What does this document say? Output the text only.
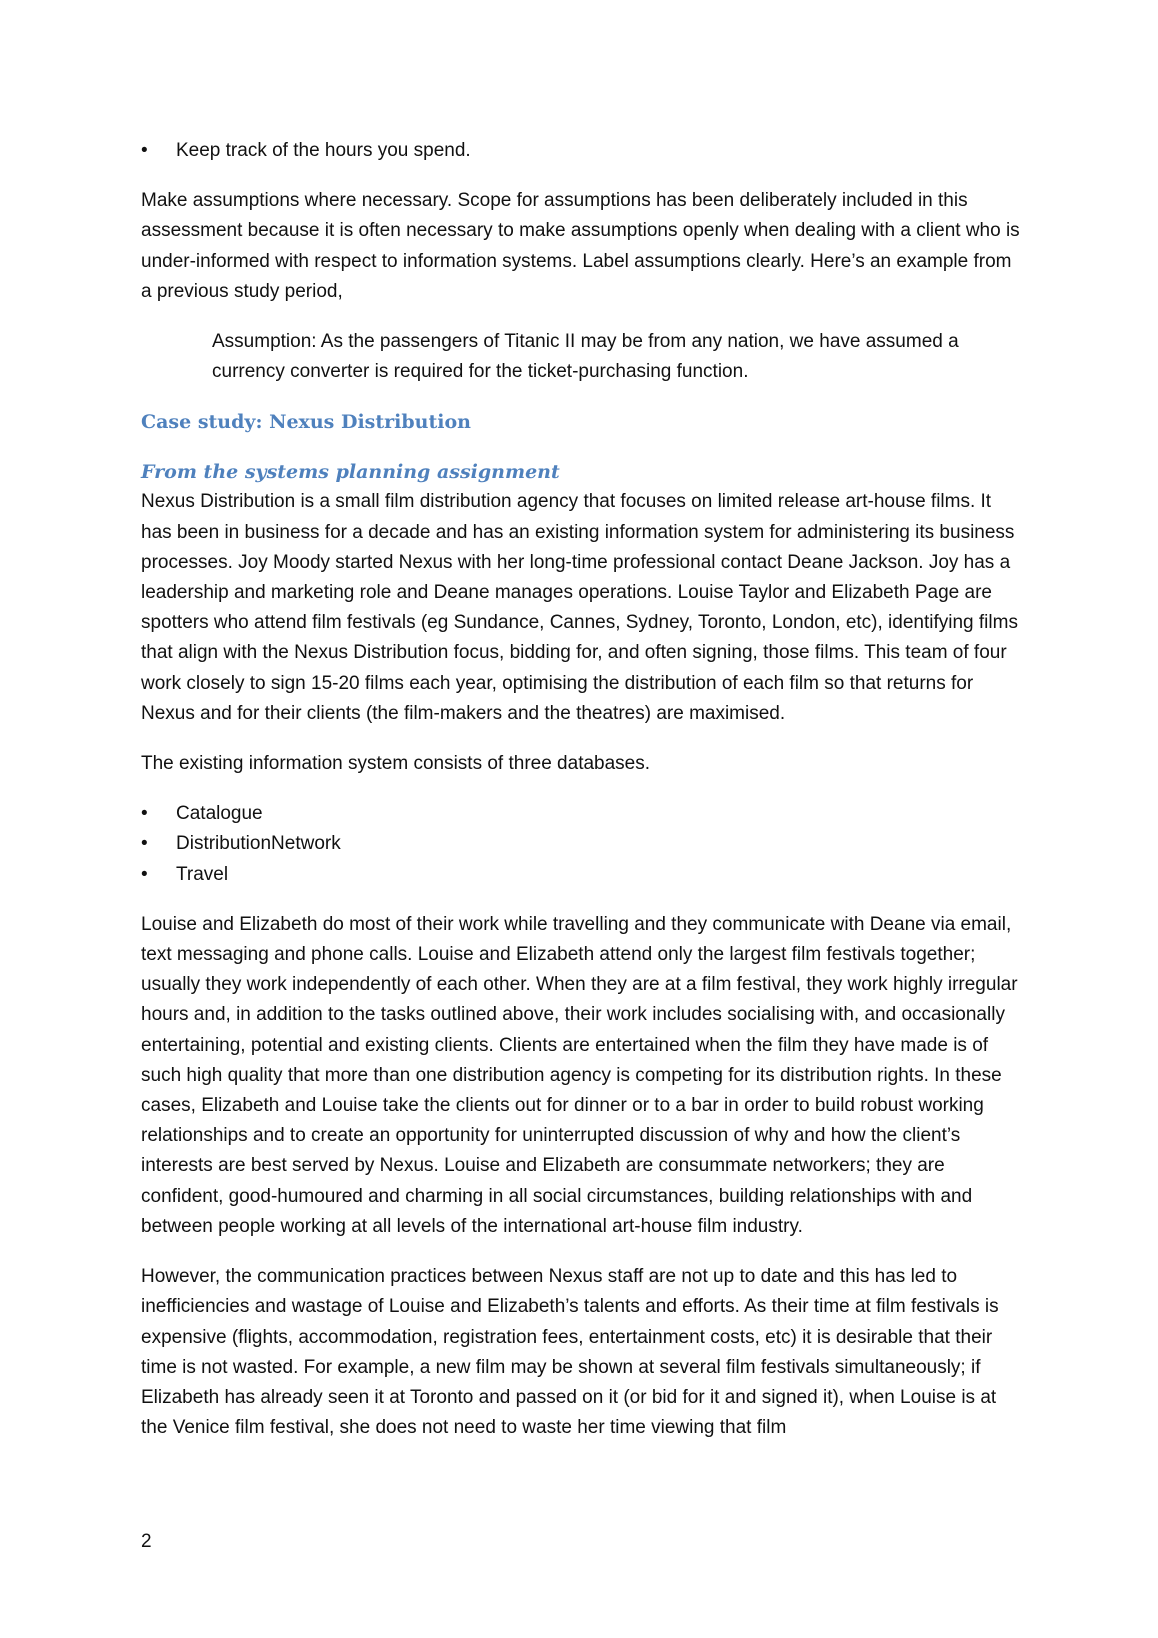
• Keep track of the hours you spend.

Make assumptions where necessary. Scope for assumptions has been deliberately included in this assessment because it is often necessary to make assumptions openly when dealing with a client who is under-informed with respect to information systems. Label assumptions clearly. Here’s an example from a previous study period,

Assumption: As the passengers of Titanic II may be from any nation, we have assumed a currency converter is required for the ticket-purchasing function.

Case study: Nexus Distribution
From the systems planning assignment

Nexus Distribution is a small film distribution agency that focuses on limited release art-house films. It has been in business for a decade and has an existing information system for administering its business processes. Joy Moody started Nexus with her long-time professional contact Deane Jackson. Joy has a leadership and marketing role and Deane manages operations. Louise Taylor and Elizabeth Page are spotters who attend film festivals (eg Sundance, Cannes, Sydney, Toronto, London, etc), identifying films that align with the Nexus Distribution focus, bidding for, and often signing, those films. This team of four work closely to sign 15-20 films each year, optimising the distribution of each film so that returns for Nexus and for their clients (the film-makers and the theatres) are maximised.

The existing information system consists of three databases.

• Catalogue
• DistributionNetwork
• Travel

Louise and Elizabeth do most of their work while travelling and they communicate with Deane via email, text messaging and phone calls. Louise and Elizabeth attend only the largest film festivals together; usually they work independently of each other. When they are at a film festival, they work highly irregular hours and, in addition to the tasks outlined above, their work includes socialising with, and occasionally entertaining, potential and existing clients. Clients are entertained when the film they have made is of such high quality that more than one distribution agency is competing for its distribution rights. In these cases, Elizabeth and Louise take the clients out for dinner or to a bar in order to build robust working relationships and to create an opportunity for uninterrupted discussion of why and how the client’s interests are best served by Nexus. Louise and Elizabeth are consummate networkers; they are confident, good-humoured and charming in all social circumstances, building relationships with and between people working at all levels of the international art-house film industry.

However, the communication practices between Nexus staff are not up to date and this has led to inefficiencies and wastage of Louise and Elizabeth’s talents and efforts. As their time at film festivals is expensive (flights, accommodation, registration fees, entertainment costs, etc) it is desirable that their time is not wasted. For example, a new film may be shown at several film festivals simultaneously; if Elizabeth has already seen it at Toronto and passed on it (or bid for it and signed it), when Louise is at the Venice film festival, she does not need to waste her time viewing that film

2
